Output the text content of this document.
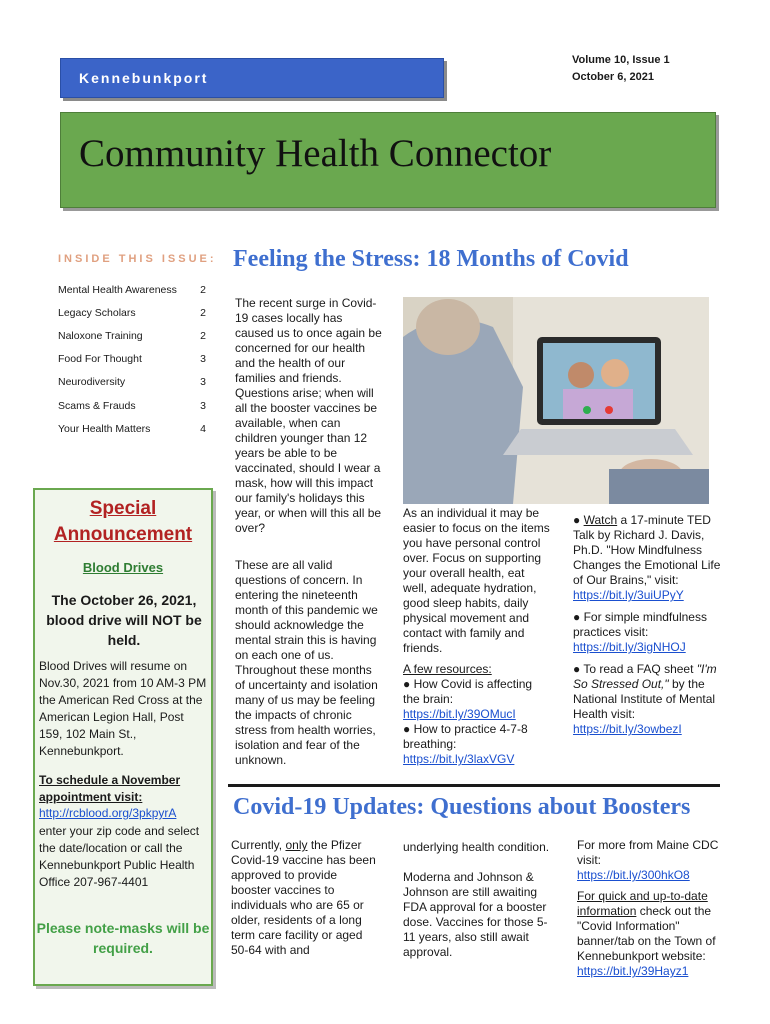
Kennebunkport
Volume 10, Issue 1
October 6, 2021
Community Health Connector
INSIDE THIS ISSUE:
Mental Health Awareness 2
Legacy Scholars	2
Naloxone Training	2
Food For Thought	3
Neurodiversity	3
Scams & Frauds	3
Your Health Matters	4
Special
Announcement
Blood Drives
The October 26, 2021, blood drive will NOT be held.
Blood Drives will resume on Nov.30, 2021 from 10 AM-3 PM the American Red Cross at the American Legion Hall, Post 159, 102 Main St., Kennebunkport.
To schedule a November appointment visit:
http://rcblood.org/3pkpyrA
enter your zip code and select the date/location or call the Kennebunkport Public Health Office 207-967-4401
Please note-masks will be required.
Feeling the Stress: 18 Months of Covid
The recent surge in Covid-19 cases locally has caused us to once again be concerned for our health and the health of our families and friends. Questions arise; when will all the booster vaccines be available, when can children younger than 12 years be able to be vaccinated, should I wear a mask, how will this impact our family's holidays this year, or when will this all be over?
These are all valid questions of concern. In entering the nineteenth month of this pandemic we should acknowledge the mental strain this is having on each one of us. Throughout these months of uncertainty and isolation many of us may be feeling the impacts of chronic stress from health worries, isolation and fear of the unknown.
As an individual it may be easier to focus on the items you have personal control over. Focus on supporting your overall health, eat well, adequate hydration, good sleep habits, daily physical movement and contact with family and friends.
A few resources:
● How Covid is affecting the brain:
https://bit.ly/39OMucI
● How to practice 4-7-8 breathing:
https://bit.ly/3laxVGV
● Watch a 17-minute TED Talk by Richard J. Davis, Ph.D. "How Mindfulness Changes the Emotional Life of Our Brains," visit:
https://bit.ly/3uiUPyY
● For simple mindfulness practices visit:
https://bit.ly/3igNHOJ
● To read a FAQ sheet "I'm So Stressed Out," by the National Institute of Mental Health visit:
https://bit.ly/3owbezI
Covid-19 Updates: Questions about Boosters
Currently, only the Pfizer Covid-19 vaccine has been approved to provide booster vaccines to individuals who are 65 or older, residents of a long term care facility or aged 50-64 with and
underlying health condition.
Moderna and Johnson & Johnson are still awaiting FDA approval for a booster dose. Vaccines for those 5-11 years, also still await approval.
For more from Maine CDC visit:
https://bit.ly/300hkO8
For quick and up-to-date information check out the "Covid Information" banner/tab on the Town of Kennebunkport website:
https://bit.ly/39Hayz1
